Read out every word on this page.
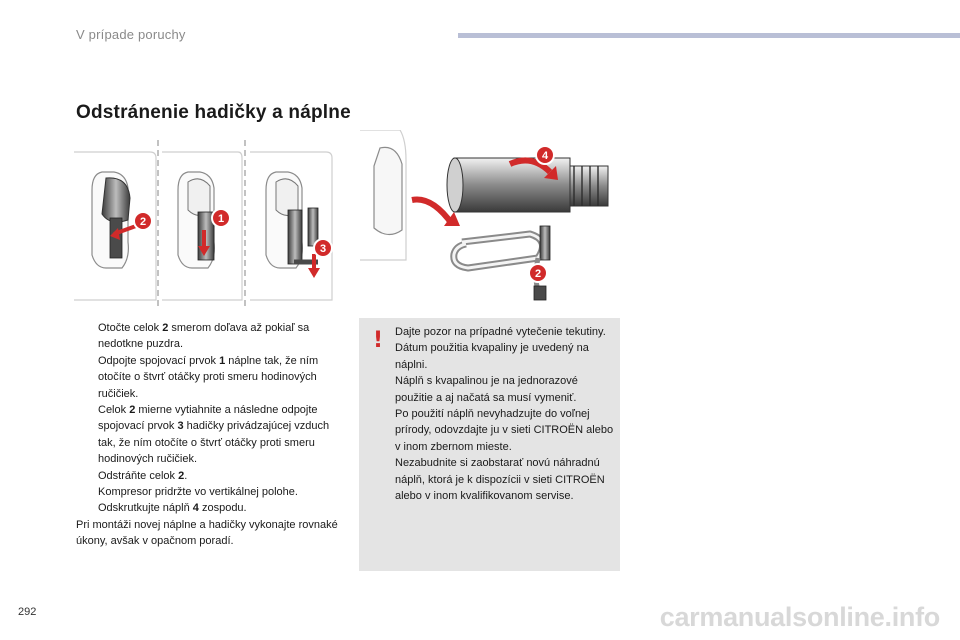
V prípade poruchy
Odstránenie hadičky a náplne
2	1
3
4
2
Otočte celok 2 smerom doľava až pokiaľ sa nedotkne puzdra.
Odpojte spojovací prvok 1 náplne tak, že ním otočíte o štvrť otáčky proti smeru hodinových ručičiek.
Celok 2 mierne vytiahnite a následne odpojte spojovací prvok 3 hadičky privádzajúcej vzduch tak, že ním otočíte o štvrť otáčky proti smeru hodinových ručičiek.
Odstráňte celok 2.
Kompresor pridržte vo vertikálnej polohe.
Odskrutkujte náplň 4 zospodu.
Pri montáži novej náplne a hadičky vykonajte rovnaké úkony, avšak v opačnom poradí.
! Dajte pozor na prípadné vytečenie tekutiny.

Dátum použitia kvapaliny je uvedený na náplni.

Náplň s kvapalinou je na jednorazové použitie a aj načatá sa musí vymeniť.

Po použití náplň nevyhadzujte do voľnej prírody, odovzdajte ju v sieti CITROËN alebo v inom zbernom mieste.

Nezabudnite si zaobstarať novú náhradnú náplň, ktorá je k dispozícii v sieti CITROËN alebo v inom kvalifikovanom servise.

292	carmanualsonline.info
